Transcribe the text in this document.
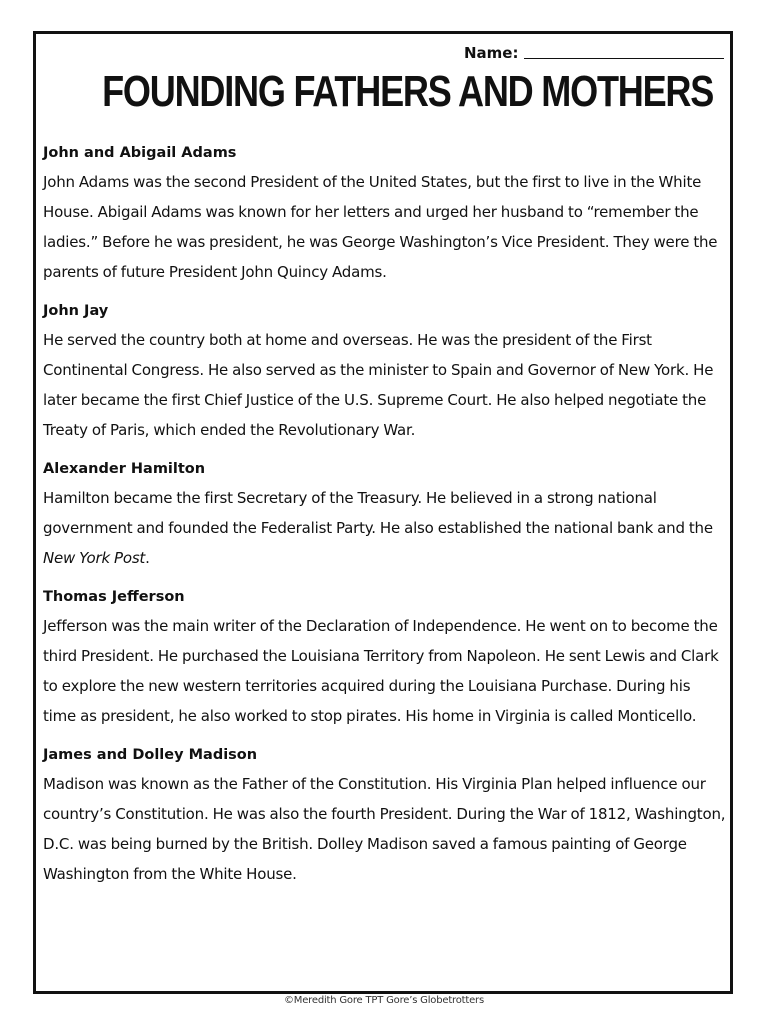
Name:
FOUNDING FATHERS AND MOTHERS

John and Abigail Adams

John Adams was the second President of the United States, but the first to live in the White House. Abigail Adams was known for her letters and urged her husband to “remember the ladies.” Before he was president, he was George Washington’s Vice President. They were the parents of future President John Quincy Adams.

John Jay

He served the country both at home and overseas. He was the president of the First Continental Congress. He also served as the minister to Spain and Governor of New York. He later became the first Chief Justice of the U.S. Supreme Court. He also helped negotiate the Treaty of Paris, which ended the Revolutionary War.

Alexander Hamilton

Hamilton became the first Secretary of the Treasury. He believed in a strong national government and founded the Federalist Party. He also established the national bank and the New York Post.

Thomas Jefferson

Jefferson was the main writer of the Declaration of Independence. He went on to become the third President. He purchased the Louisiana Territory from Napoleon. He sent Lewis and Clark to explore the new western territories acquired during the Louisiana Purchase. During his time as president, he also worked to stop pirates. His home in Virginia is called Monticello.

James and Dolley Madison

Madison was known as the Father of the Constitution. His Virginia Plan helped influence our country’s Constitution. He was also the fourth President. During the War of 1812, Washington, D.C. was being burned by the British. Dolley Madison saved a famous painting of George Washington from the White House.

©Meredith Gore TPT Gore’s Globetrotters
